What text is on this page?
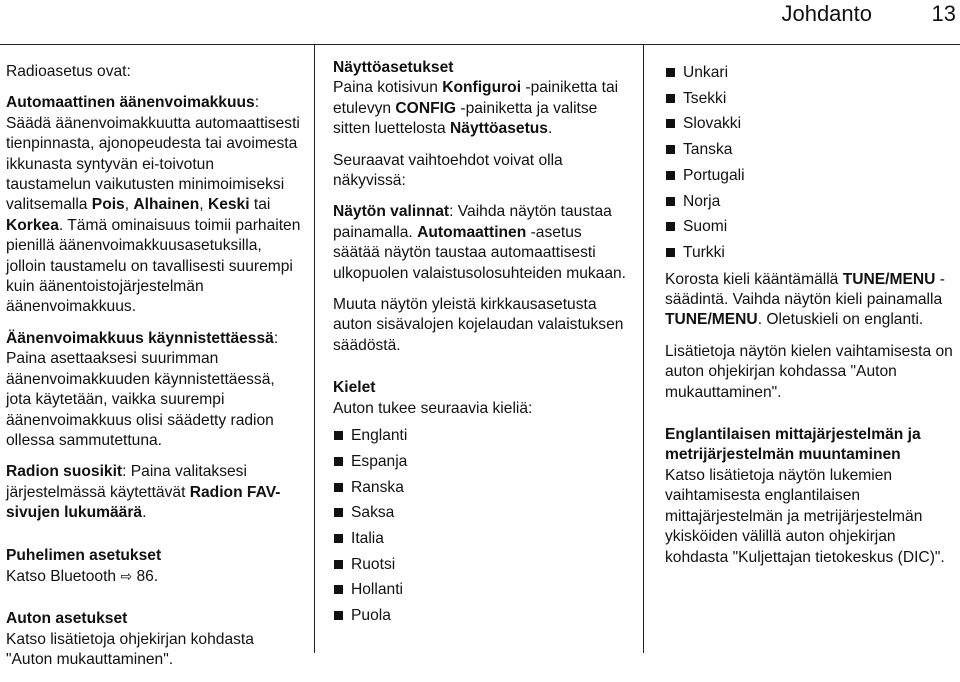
Johdanto	13

Radioasetus ovat:

Automaattinen äänenvoimakkuus: Säädä äänenvoimakkuutta automaattisesti tienpinnasta, ajonopeudesta tai avoimesta ikkunasta syntyvän ei-toivotun taustamelun vaikutusten minimoimiseksi valitsemalla Pois, Alhainen, Keski tai Korkea. Tämä ominaisuus toimii parhaiten pienillä äänenvoimakkuusasetuksilla, jolloin taustamelu on tavallisesti suurempi kuin äänentoistojärjestelmän äänenvoimakkuus.

Äänenvoimakkuus käynnistettäessä: Paina asettaaksesi suurimman äänenvoimakkuuden käynnistettäessä, jota käytetään, vaikka suurempi äänenvoimakkuus olisi säädetty radion ollessa sammutettuna.

Radion suosikit: Paina valitaksesi järjestelmässä käytettävät Radion FAV-sivujen lukumäärä.

Puhelimen asetukset
Katso Bluetooth ⇨ 86.

Auton asetukset
Katso lisätietoja ohjekirjan kohdasta "Auton mukauttaminen".

Näyttöasetukset
Paina kotisivun Konfiguroi -painiketta tai etulevyn CONFIG -painiketta ja valitse sitten luettelosta Näyttöasetus.

Seuraavat vaihtoehdot voivat olla näkyvissä:

Näytön valinnat: Vaihda näytön taustaa painamalla. Automaattinen -asetus säätää näytön taustaa automaattisesti ulkopuolen valaistusolosuhteiden mukaan.

Muuta näytön yleistä kirkkausasetusta auton sisävalojen kojelaudan valaistuksen säädöstä.

Kielet
Auton tukee seuraavia kieliä:

Englanti
Espanja
Ranska
Saksa
Italia
Ruotsi
Hollanti
Puola
Unkari
Tsekki
Slovakki
Tanska
Portugali
Norja
Suomi
Turkki

Korosta kieli kääntämällä TUNE/MENU -säädintä. Vaihda näytön kieli painamalla TUNE/MENU. Oletuskieli on englanti.

Lisätietoja näytön kielen vaihtamisesta on auton ohjekirjan kohdassa "Auton mukauttaminen".

Englantilaisen mittajärjestelmän ja metrijärjestelmän muuntaminen
Katso lisätietoja näytön lukemien vaihtamisesta englantilaisen mittajärjestelmän ja metrijärjestelmän ykisköiden välillä auton ohjekirjan kohdasta "Kuljettajan tietokeskus (DIC)".
